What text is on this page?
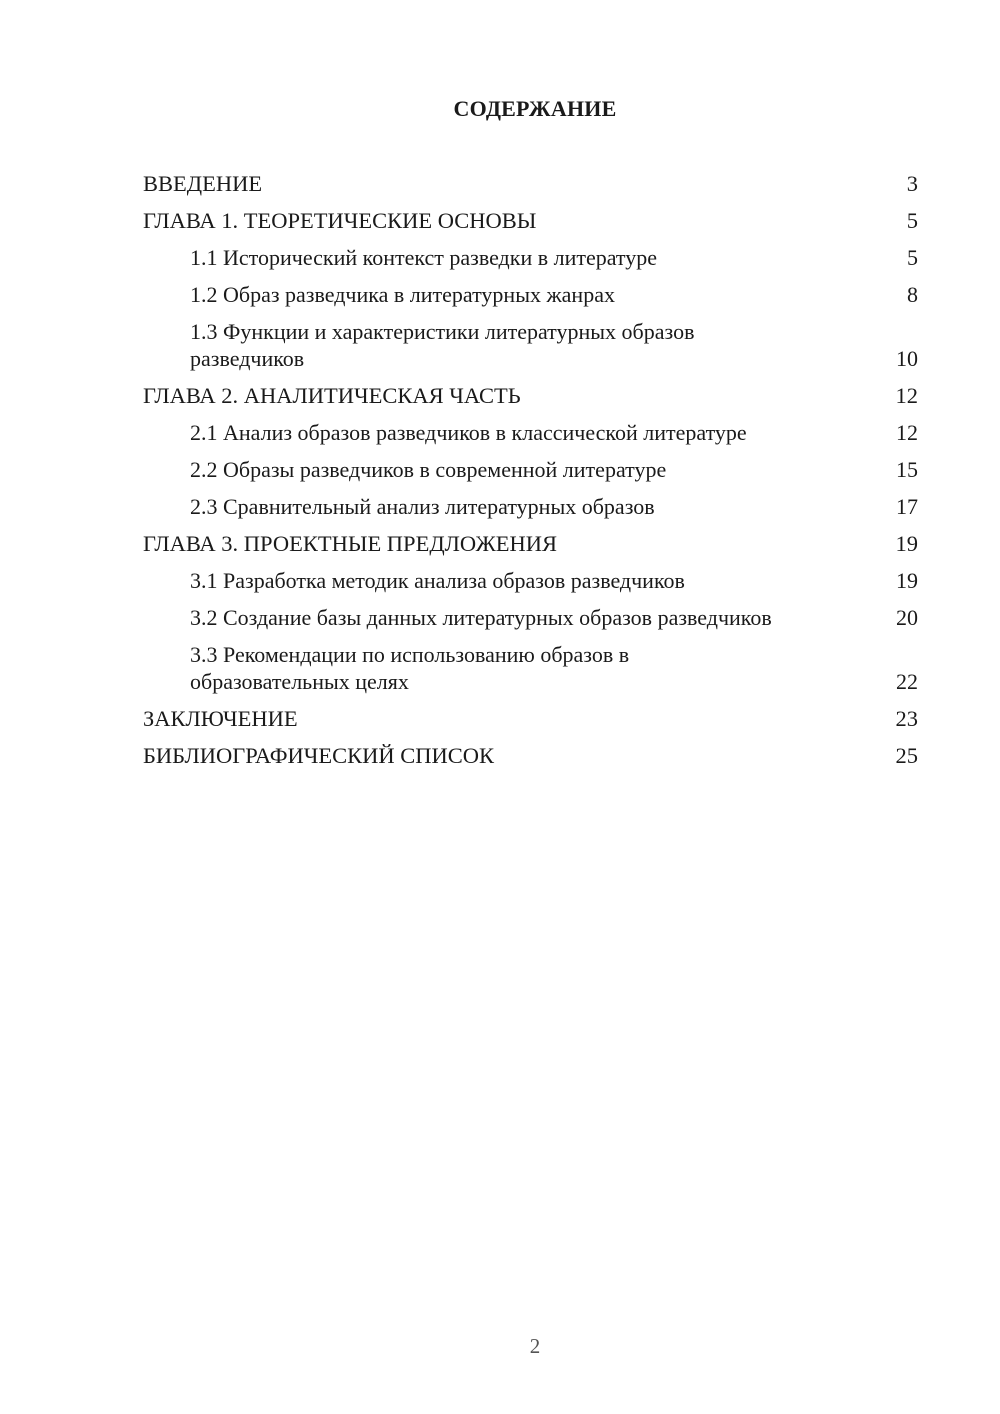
СОДЕРЖАНИЕ
ВВЕДЕНИЕ	3
ГЛАВА 1. ТЕОРЕТИЧЕСКИЕ ОСНОВЫ	5
1.1 Исторический контекст разведки в литературе	5
1.2 Образ разведчика в литературных жанрах	8
1.3 Функции и характеристики литературных образов разведчиков	10
ГЛАВА 2. АНАЛИТИЧЕСКАЯ ЧАСТЬ	12
2.1 Анализ образов разведчиков в классической литературе	12
2.2 Образы разведчиков в современной литературе	15
2.3 Сравнительный анализ литературных образов	17
ГЛАВА 3. ПРОЕКТНЫЕ ПРЕДЛОЖЕНИЯ	19
3.1 Разработка методик анализа образов разведчиков	19
3.2 Создание базы данных литературных образов разведчиков	20
3.3 Рекомендации по использованию образов в образовательных целях	22
ЗАКЛЮЧЕНИЕ	23
БИБЛИОГРАФИЧЕСКИЙ СПИСОК	25
2
